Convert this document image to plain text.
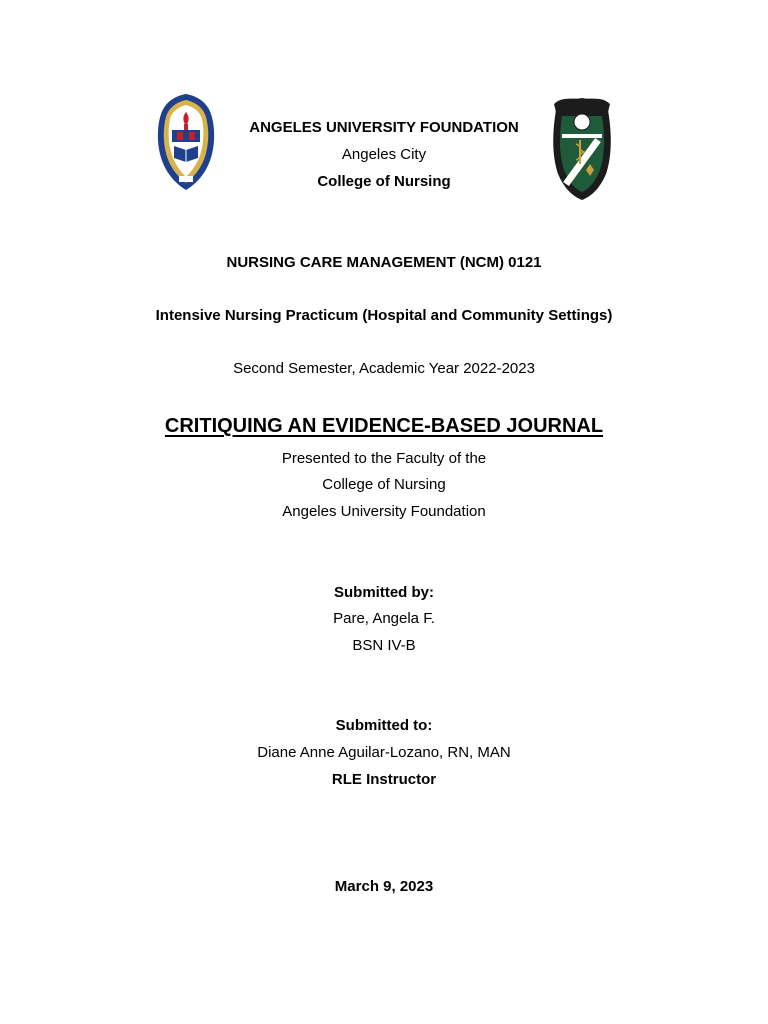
ANGELES UNIVERSITY FOUNDATION
Angeles City
College of Nursing
NURSING CARE MANAGEMENT (NCM) 0121
Intensive Nursing Practicum (Hospital and Community Settings)
Second Semester, Academic Year 2022-2023
CRITIQUING AN EVIDENCE-BASED JOURNAL
Presented to the Faculty of the
College of Nursing
Angeles University Foundation
Submitted by:
Pare, Angela F.
BSN IV-B
Submitted to:
Diane Anne Aguilar-Lozano, RN, MAN
RLE Instructor
March 9, 2023
